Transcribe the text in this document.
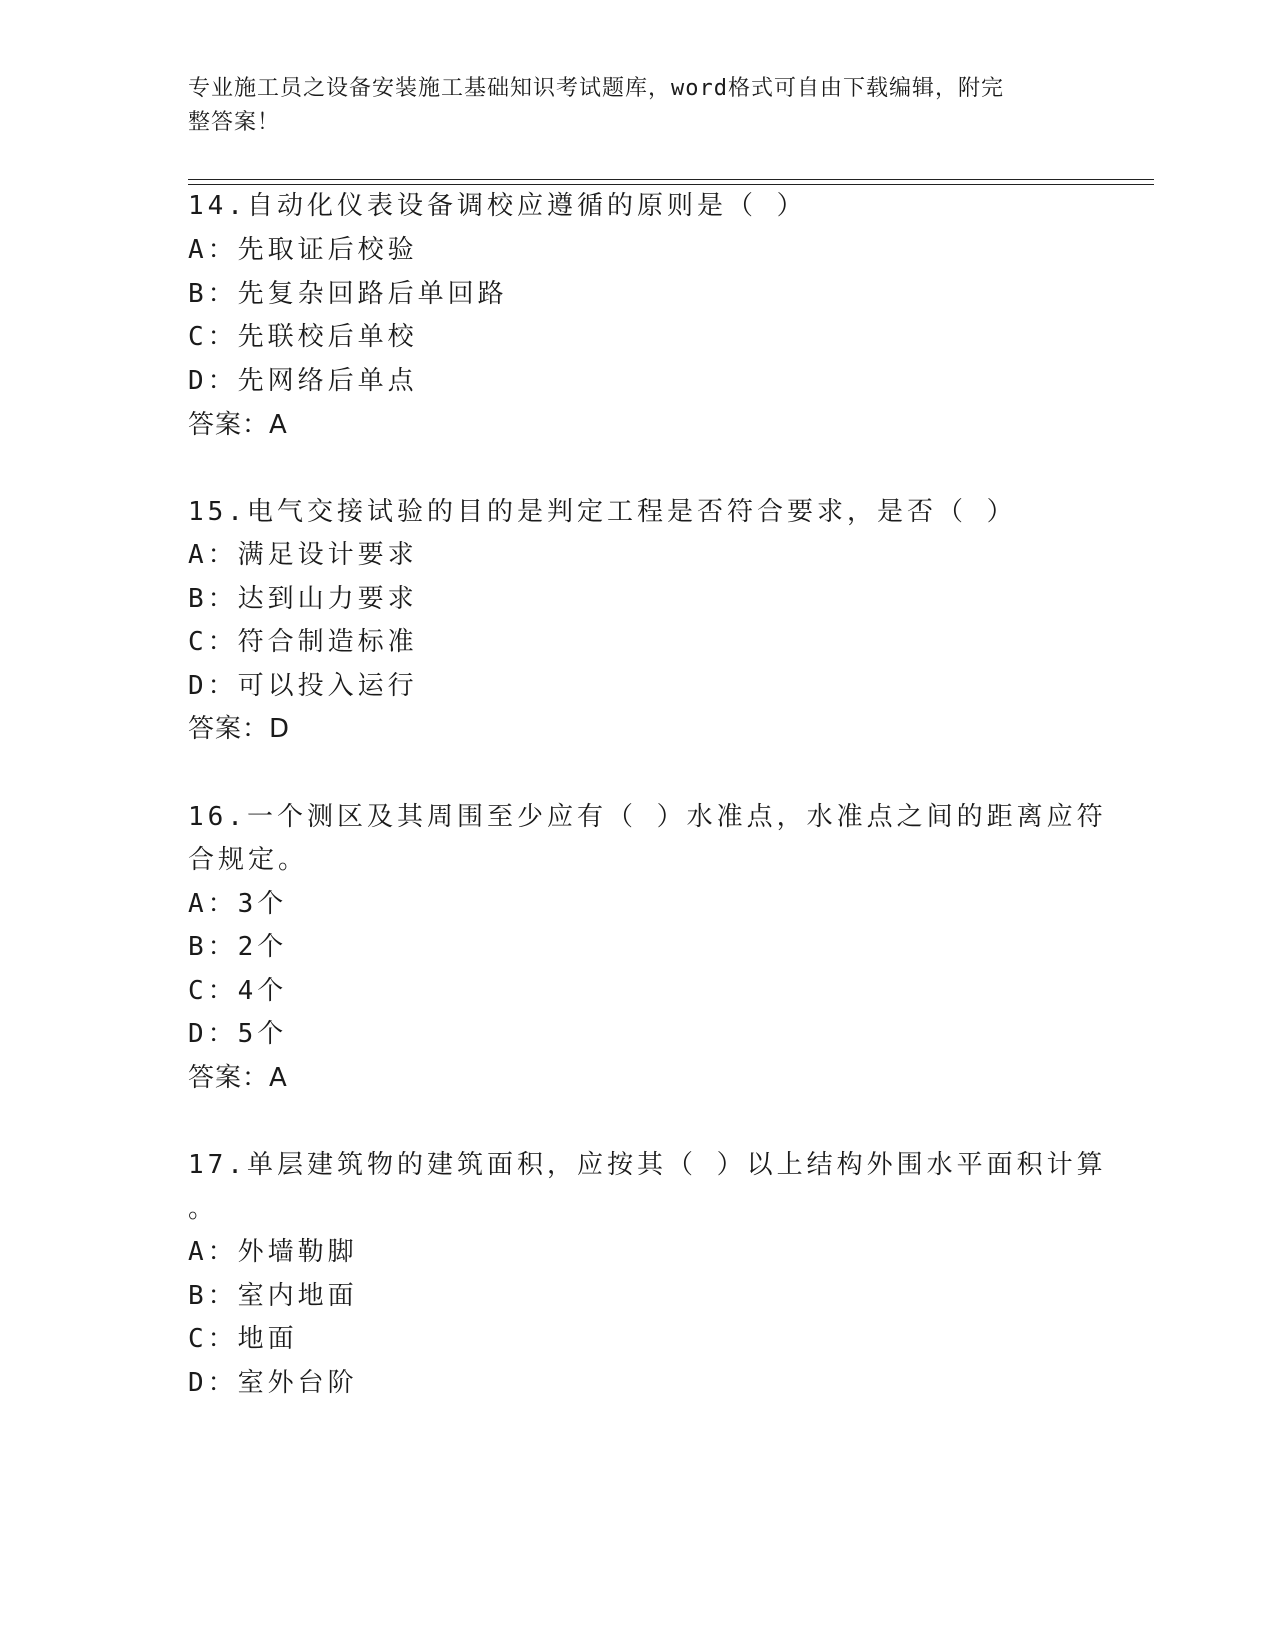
专业施工员之设备安装施工基础知识考试题库，word格式可自由下载编辑，附完
整答案！
14.自动化仪表设备调校应遵循的原则是（ ）
A：先取证后校验
B：先复杂回路后单回路
C：先联校后单校
D：先网络后单点
答案：A
15.电气交接试验的目的是判定工程是否符合要求，是否（ ）
A：满足设计要求
B：达到山力要求
C：符合制造标准
D：可以投入运行
答案：D
16.一个测区及其周围至少应有（ ）水准点，水准点之间的距离应符
合规定。
A：3个
B：2个
C：4个
D：5个
答案：A
17.单层建筑物的建筑面积，应按其（ ）以上结构外围水平面积计算
。
A：外墙勒脚
B：室内地面
C：地面
D：室外台阶
